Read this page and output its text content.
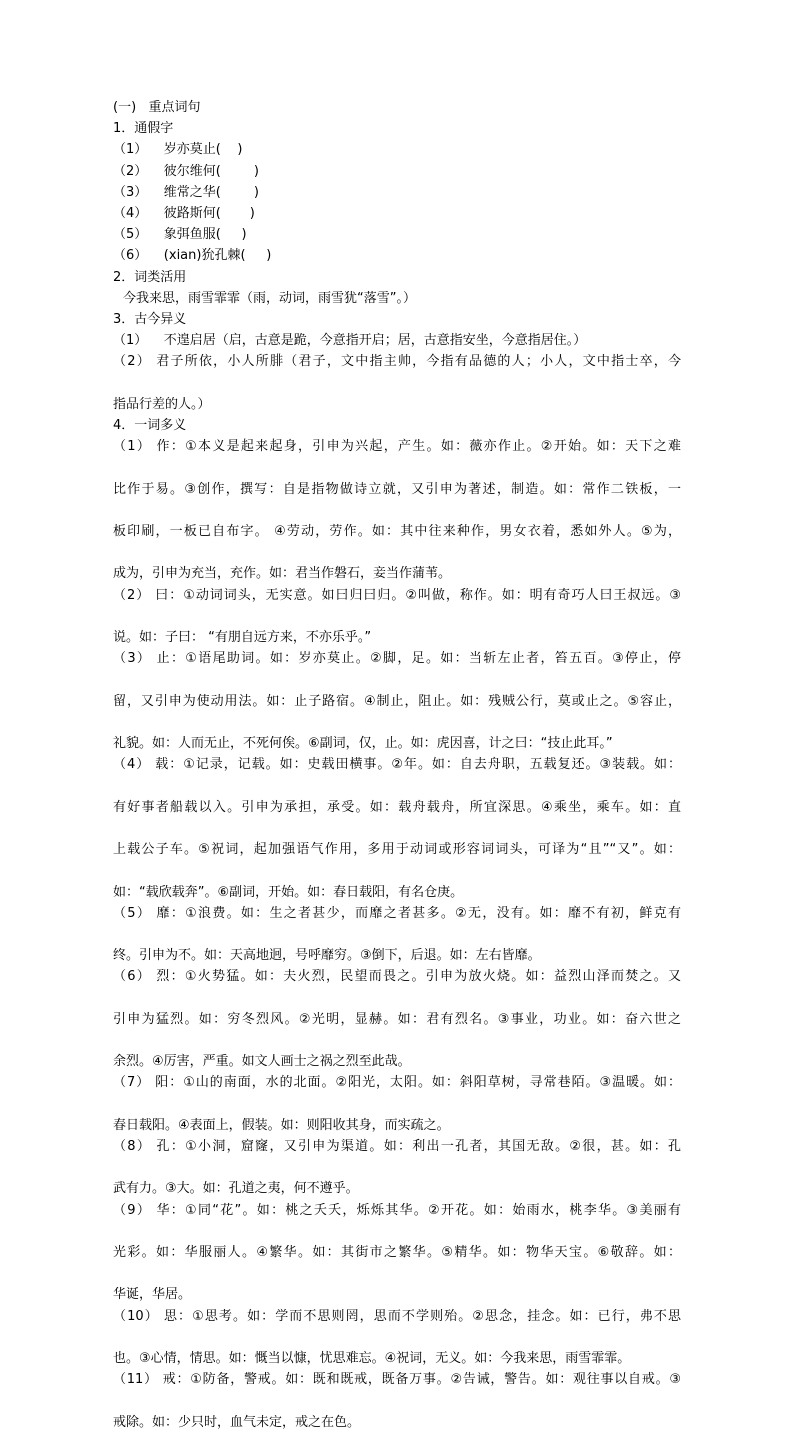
(一)   重点词句
1．通假字
（1）    岁亦莫止(    )
（2）    彼尔维何(        )
（3）    维常之华(        )
（4）    彼路斯何(       )
（5）    象弭鱼服(     )
（6）    (xian)狁孔棘(     )
2．词类活用
今我来思，雨雪霏霏（雨，动词，雨雪犹“落雪”。）
3．古今异义
（1）    不遑启居（启，古意是跪，今意指开启；居，古意指安坐，今意指居住。）
（2） 君子所依，小人所腓（君子，文中指主帅，今指有品德的人；小人，文中指士卒，今
指品行差的人。）
4．一词多义
（1） 作：①本义是起来起身，引申为兴起，产生。如：薇亦作止。②开始。如：天下之难
比作于易。③创作，撰写：自是指物做诗立就，又引申为著述，制造。如：常作二铁板，一
板印刷，一板已自布字。 ④劳动，劳作。如：其中往来种作，男女衣着，悉如外人。⑤为，
成为，引申为充当，充作。如：君当作磐石，妾当作蒲苇。
（2） 曰：①动词词头，无实意。如曰归曰归。②叫做，称作。如：明有奇巧人曰王叔远。③
说。如：子曰： “有朋自远方来，不亦乐乎。”
（3） 止：①语尾助词。如：岁亦莫止。②脚，足。如：当斩左止者，笞五百。③停止，停
留，又引申为使动用法。如：止子路宿。④制止，阻止。如：残贼公行，莫或止之。⑤容止，
礼貌。如：人而无止，不死何俟。⑥副词，仅，止。如：虎因喜，计之曰：“技止此耳。”
（4） 载：①记录，记载。如：史载田横事。②年。如：自去舟职，五载复还。③装载。如：
有好事者船载以入。引申为承担，承受。如：载舟载舟，所宜深思。④乘坐，乘车。如：直
上载公子车。⑤祝词，起加强语气作用，多用于动词或形容词词头，可译为“且”“又”。如：
如：“载欣载奔”。⑥副词，开始。如：春日载阳，有名仓庚。
（5） 靡：①浪费。如：生之者甚少，而靡之者甚多。②无，没有。如：靡不有初，鲜克有
终。引申为不。如：天高地迥，号呼靡穷。③倒下，后退。如：左右皆靡。
（6） 烈：①火势猛。如：夫火烈，民望而畏之。引申为放火烧。如：益烈山泽而焚之。又
引申为猛烈。如：穷冬烈风。②光明，显赫。如：君有烈名。③事业，功业。如：奋六世之
余烈。④厉害，严重。如文人画士之祸之烈至此哉。
（7） 阳：①山的南面，水的北面。②阳光，太阳。如：斜阳草树，寻常巷陌。③温暖。如：
春日载阳。④表面上，假装。如：则阳收其身，而实疏之。
（8） 孔：①小洞，窟窿，又引申为渠道。如：利出一孔者，其国无敌。②很，甚。如：孔
武有力。③大。如：孔道之夷，何不遵乎。
（9） 华：①同“花”。如：桃之夭夭，烁烁其华。②开花。如：始雨水，桃李华。③美丽有
光彩。如：华服丽人。④繁华。如：其街市之繁华。⑤精华。如：物华天宝。⑥敬辞。如：
华诞，华居。
（10） 思：①思考。如：学而不思则罔，思而不学则殆。②思念，挂念。如：已行，弗不思
也。③心情，情思。如：慨当以慷，忧思难忘。④祝词，无义。如：今我来思，雨雪霏霏。
（11） 戒：①防备，警戒。如：既和既戒，既备万事。②告诫，警告。如：观往事以自戒。③
戒除。如：少只时，血气未定，戒之在色。
